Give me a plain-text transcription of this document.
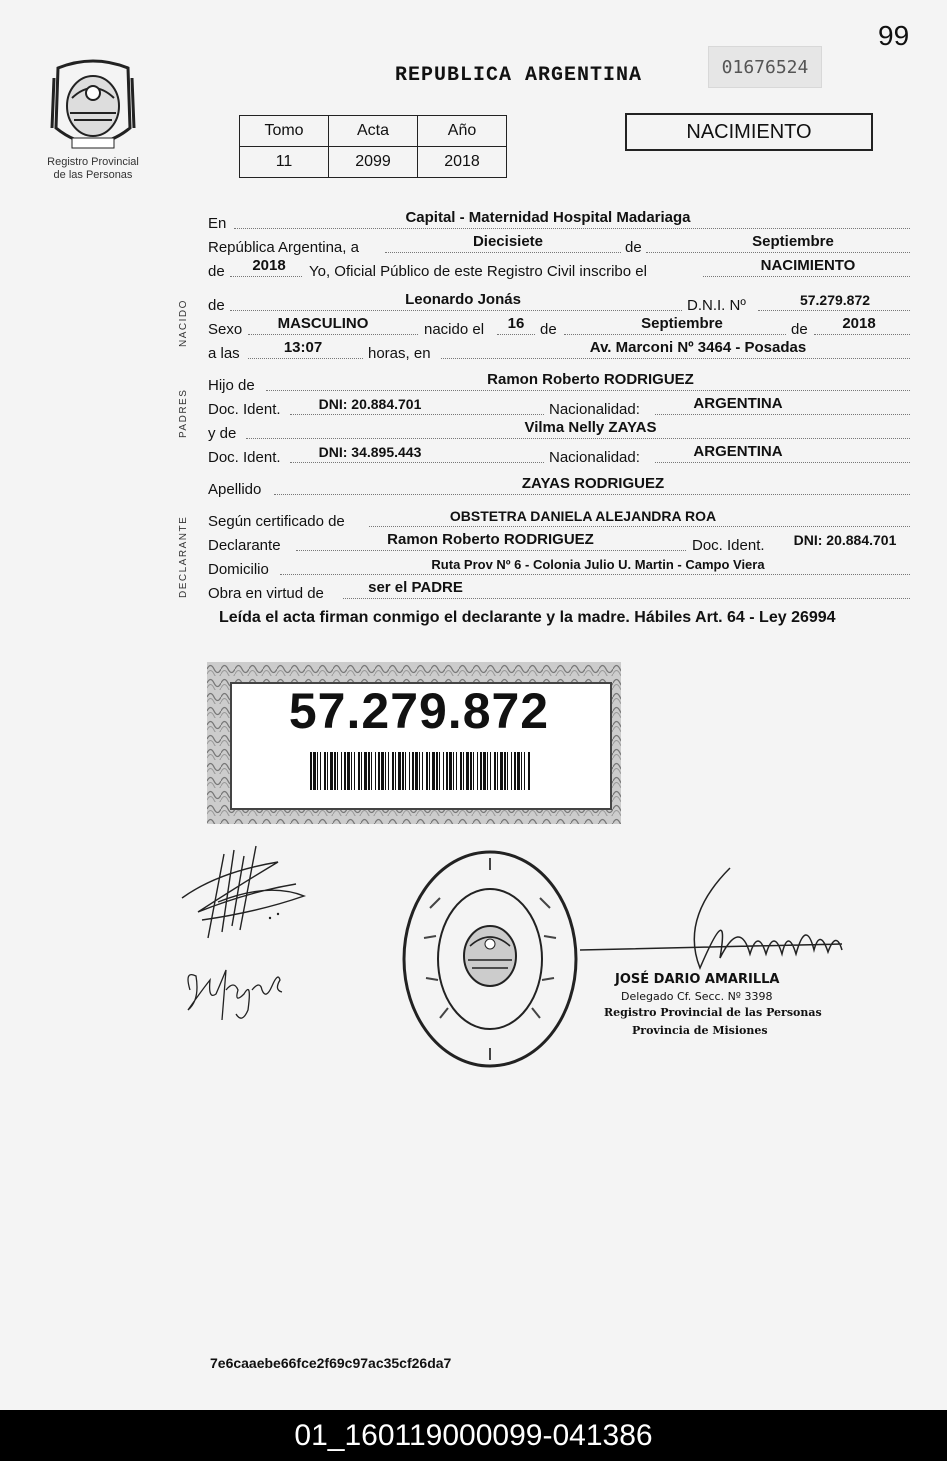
99
Registro Provincial
de las Personas
REPUBLICA ARGENTINA	01676524
Tomo	Acta	Año
11	2099	2018
NACIMIENTO
NACIDO
PADRES
DECLARANTE
En	Capital - Maternidad Hospital Madariaga
República Argentina, a	Diecisiete	de	Septiembre
de	2018	Yo, Oficial Público de este Registro Civil inscribo el	NACIMIENTO
de	Leonardo Jonás	D.N.I. Nº	57.279.872
Sexo	MASCULINO	nacido el	16	de	Septiembre	de	2018
a las	13:07	horas, en	Av. Marconi Nº 3464 - Posadas
Hijo de	Ramon Roberto RODRIGUEZ
Doc. Ident.	DNI: 20.884.701	Nacionalidad:	ARGENTINA
y de	Vilma Nelly ZAYAS
Doc. Ident.	DNI: 34.895.443	Nacionalidad:	ARGENTINA
Apellido	ZAYAS RODRIGUEZ
Según certificado de	OBSTETRA DANIELA ALEJANDRA ROA
Declarante	Ramon Roberto RODRIGUEZ	Doc. Ident.	DNI: 20.884.701
Domicilio	Ruta Prov Nº 6 - Colonia Julio U. Martin - Campo Viera
Obra en virtud de	ser el PADRE
Leída el acta firman conmigo el declarante y la madre. Hábiles Art. 64 - Ley 26994
57.279.872
JOSÉ DARIO AMARILLA
Delegado Cf. Secc. Nº 3398
Registro Provincial de las Personas
Provincia de Misiones
7e6caaebe66fce2f69c97ac35cf26da7
01_160119000099-041386
